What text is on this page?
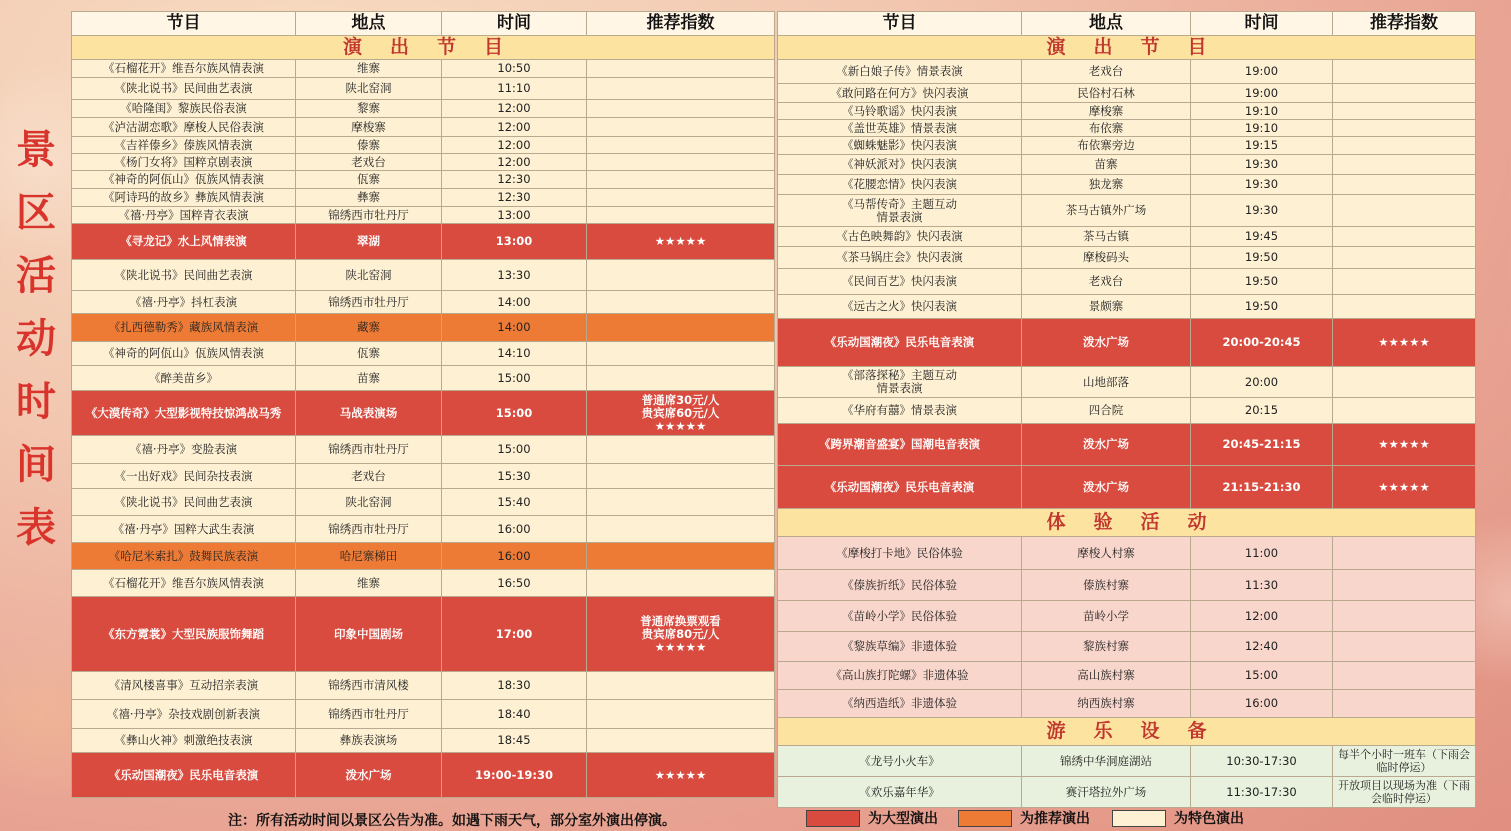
景
区
活
动
时
间
表
节目	地点	时间	推荐指数
演出节目			
《石榴花开》维吾尔族风情表演	维寨	10:50	
《陕北说书》民间曲艺表演	陕北窑洞	11:10	
《哈隆闺》黎族民俗表演	黎寨	12:00	
《泸沽湖恋歌》摩梭人民俗表演	摩梭寨	12:00	
《吉祥傣乡》傣族风情表演	傣寨	12:00	
《杨门女将》国粹京剧表演	老戏台	12:00	
《神奇的阿佤山》佤族风情表演	佤寨	12:30	
《阿诗玛的故乡》彝族风情表演	彝寨	12:30	
《禧·丹亭》国粹青衣表演	锦绣西市牡丹厅	13:00	
《寻龙记》水上风情表演	翠湖	13:00	★★★★★
《陕北说书》民间曲艺表演	陕北窑洞	13:30	
《禧·丹亭》抖杠表演	锦绣西市牡丹厅	14:00	
《扎西德勒秀》藏族风情表演	藏寨	14:00	
《神奇的阿佤山》佤族风情表演	佤寨	14:10	
《醉美苗乡》	苗寨	15:00	
《大漠传奇》大型影视特技惊鸿战马秀	马战表演场	15:00	普通席30元/人
贵宾席60元/人
★★★★★
《禧·丹亭》变脸表演	锦绣西市牡丹厅	15:00	
《一出好戏》民间杂技表演	老戏台	15:30	
《陕北说书》民间曲艺表演	陕北窑洞	15:40	
《禧·丹亭》国粹大武生表演	锦绣西市牡丹厅	16:00	
《哈尼米索扎》鼓舞民族表演	哈尼寨梯田	16:00	
《石榴花开》维吾尔族风情表演	维寨	16:50	
《东方霓裳》大型民族服饰舞蹈	印象中国剧场	17:00	普通席换票观看
贵宾席80元/人
★★★★★
《清风楼喜事》互动招亲表演	锦绣西市清风楼	18:30	
《禧·丹亭》杂技戏剧创新表演	锦绣西市牡丹厅	18:40	
《彝山火神》刺激绝技表演	彝族表演场	18:45	
《乐动国潮夜》民乐电音表演	泼水广场	19:00-19:30	★★★★★
节目	地点	时间	推荐指数
演出节目			
《新白娘子传》情景表演	老戏台	19:00	
《敢问路在何方》快闪表演	民俗村石林	19:00	
《马铃歌谣》快闪表演	摩梭寨	19:10	
《盖世英雄》情景表演	布依寨	19:10	
《蜘蛛魅影》快闪表演	布依寨旁边	19:15	
《神妖派对》快闪表演	苗寨	19:30	
《花腰恋情》快闪表演	独龙寨	19:30	
《马帮传奇》主题互动
情景表演	茶马古镇外广场	19:30	
《古色映舞韵》快闪表演	茶马古镇	19:45	
《茶马锅庄会》快闪表演	摩梭码头	19:50	
《民间百艺》快闪表演	老戏台	19:50	
《远古之火》快闪表演	景颇寨	19:50	
《乐动国潮夜》民乐电音表演	泼水广场	20:00-20:45	★★★★★
《部落探秘》主题互动
情景表演	山地部落	20:00	
《华府有囍》情景表演	四合院	20:15	
《跨界潮音盛宴》国潮电音表演	泼水广场	20:45-21:15	★★★★★
《乐动国潮夜》民乐电音表演	泼水广场	21:15-21:30	★★★★★
体验活动			
《摩梭打卡地》民俗体验	摩梭人村寨	11:00	
《傣族折纸》民俗体验	傣族村寨	11:30	
《苗岭小学》民俗体验	苗岭小学	12:00	
《黎族草编》非遗体验	黎族村寨	12:40	
《高山族打陀螺》非遗体验	高山族村寨	15:00	
《纳西造纸》非遗体验	纳西族村寨	16:00	
游乐设备			
《龙号小火车》	锦绣中华洞庭湖站	10:30-17:30	每半个小时一班车（下雨会临时停运）
《欢乐嘉年华》	赛汗塔拉外广场	11:30-17:30	开放项目以现场为准（下雨会临时停运）
注：所有活动时间以景区公告为准。如遇下雨天气，部分室外演出停演。	为大型演出	为推荐演出	为特色演出
